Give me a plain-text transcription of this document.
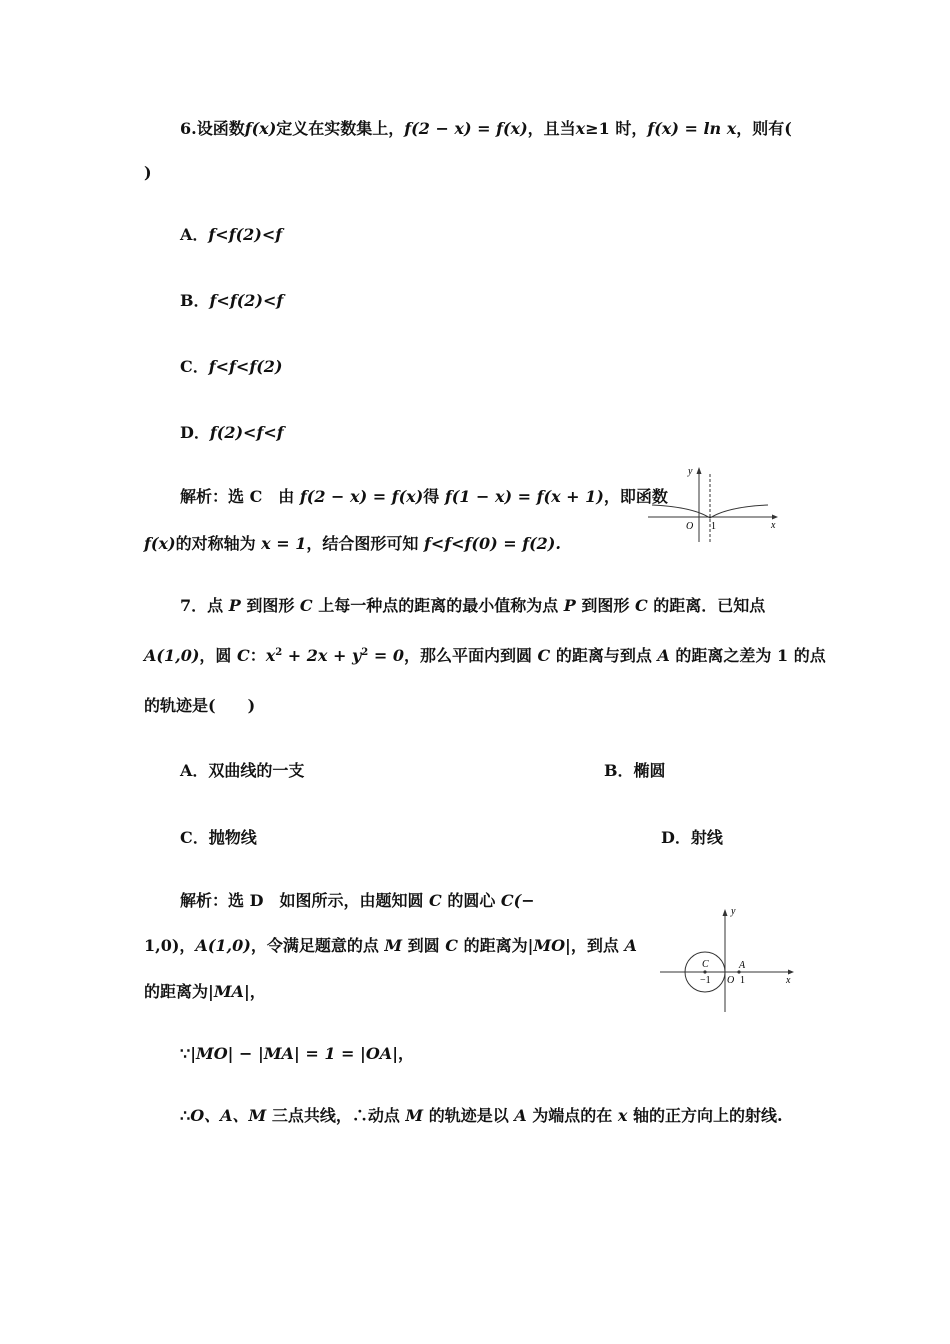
6.设函数f(x)定义在实数集上，f(2 − x) = f(x)，且当x≥1 时，f(x) = ln x，则有(
)
A．f<f(2)<f
B．f<f(2)<f
C．f<f<f(2)
D．f(2)<f<f
解析：选 C　由 f(2 − x) = f(x)得 f(1 − x) = f(x + 1)，即函数
f(x)的对称轴为 x = 1，结合图形可知 f<f<f(0) = f(2).
y
x
O 1
7．点 P 到图形 C 上每一种点的距离的最小值称为点 P 到图形 C 的距离．已知点
A(1,0)，圆 C：$x^2 + 2x + y^2 = 0$，那么平面内到圆 C 的距离与到点 A 的距离之差为 1 的点
的轨迹是(　　)
A．双曲线的一支	B．椭圆
C．抛物线	D．射线
解析：选 D　如图所示，由题知圆 C 的圆心 C(−
1,0)，A(1,0)，令满足题意的点 M 到圆 C 的距离为|MO|，到点 A
的距离为|MA|，
∵|MO| − |MA| = 1 = |OA|，
∴O、A、M 三点共线，∴动点 M 的轨迹是以 A 为端点的在 x 轴的正方向上的射线.
y
x
O
C
−1
A
1
